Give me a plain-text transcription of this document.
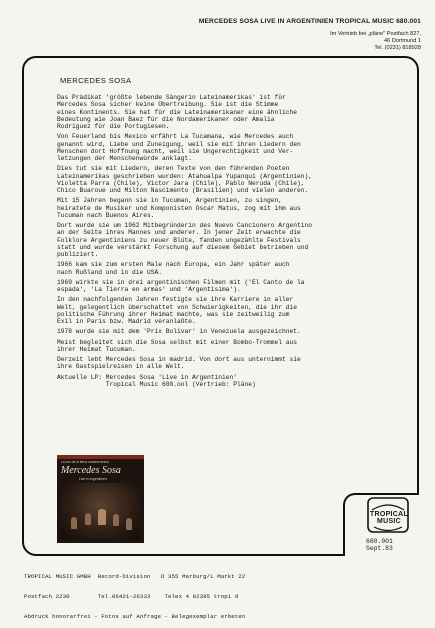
MERCEDES SOSA LIVE IN ARGENTINIEN TROPICAL MUSIC 680.001
Im Vertrieb bei „pläne" Postfach 827,
46 Dortmund 1
Tel. (0231) 818928
MERCEDES SOSA

Das Prädikat 'größte lebende Sängerin Lateinamerikas' ist für
Mercedes Sosa sicher keine Übertreibung. Sie ist die Stimme
eines Kontinents. Sie hat für die Lateinamerikaner eine ähnliche
Bedeutung wie Joan Baez für die Nordamerikaner oder Amalia
Rodriguez für die Portugiesen.

Von Feuerland bis Mexico erfährt La Tucamana, wie Mercedes auch
genannt wird, Liebe und Zuneigung, weil sie mit ihren Liedern den
Menschen dort Hoffnung macht, weil sie Ungerechtigkeit und Ver-
letzungen der Menschenwürde anklagt.

Dies tut sie mit Liedern, deren Texte von den führenden Poeten
Lateinamerikas geschrieben wurden: Atahualpa Yupanqui (Argentinien),
Violetta Parra (Chile), Victor Jara (Chile), Pablo Neruda (Chile),
Chico Buaroue und Milton Nascimento (Brasilien) und vielen anderen.

Mit 15 Jahren begann sie in Tucuman, Argentinien, zu singen,
heiratete de Musiker und Komponisten Oscar Matus, zog mit ihm aus
Tucuman nach Buenos Aires.

Dort wurde sie um 1962 Mitbegründerin des Nuevo Cancionero Argentino
an der Seite ihres Mannes und anderer. In jener Zeit erwachte die
Folklore Argentiniens zu neuer Blüte, fanden ungezählte Festivals
statt und wurde verstärkt Forschung auf diesem Gebiet betrieben und
publiziert.

1966 kam sie zum ersten Male nach Europa, ein Jahr später auch
nach Rußland und in die USA.

1969 wirkte sie in drei argentinischen Filmen mit ('El Canto de la
espada', 'La Tierra en armas' und 'Argentisima').

In den nachfolgenden Jahren festigte sie ihre Karriere in aller
Welt, gelegentlich überschattet von Schwierigkeiten, die ihr die
politische Führung ihrer Heimat machte, was sie zeitweilig zum
Exil in Paris bzw. Madrid veranlaßte.

1978 wurde sie mit dem 'Prix Bolivar' in Venezuela ausgezeichnet.

Meist begleitet sich die Sosa selbst mit einer Bombo-Trommel aus
ihrer Heimat Tucuman.

Derzeit lebt Mercedes Sosa in madrid. Von dort aus unternimmt sie
ihre Gastspielreisen in alle Welt.

Aktuelle LP: Mercedes Sosa 'Live in Argentinien'
Tropical Music 680.ool (Vertrieb: Pläne)

La voz de la tierra sudamericana
Mercedes Sosa
Live in Argentinien
TROPICAL
MUSIC
680.001
Sept.83

TROPICAL MUSIC GMBH  Record-Division   D 355 Marburg/L Markt 22

Postfach 2230        Tel.06421-26333    Telex 4 82395 tropi d

Abdruck honorarfrei - Fotos auf Anfrage - Belegexemplar erbeten
